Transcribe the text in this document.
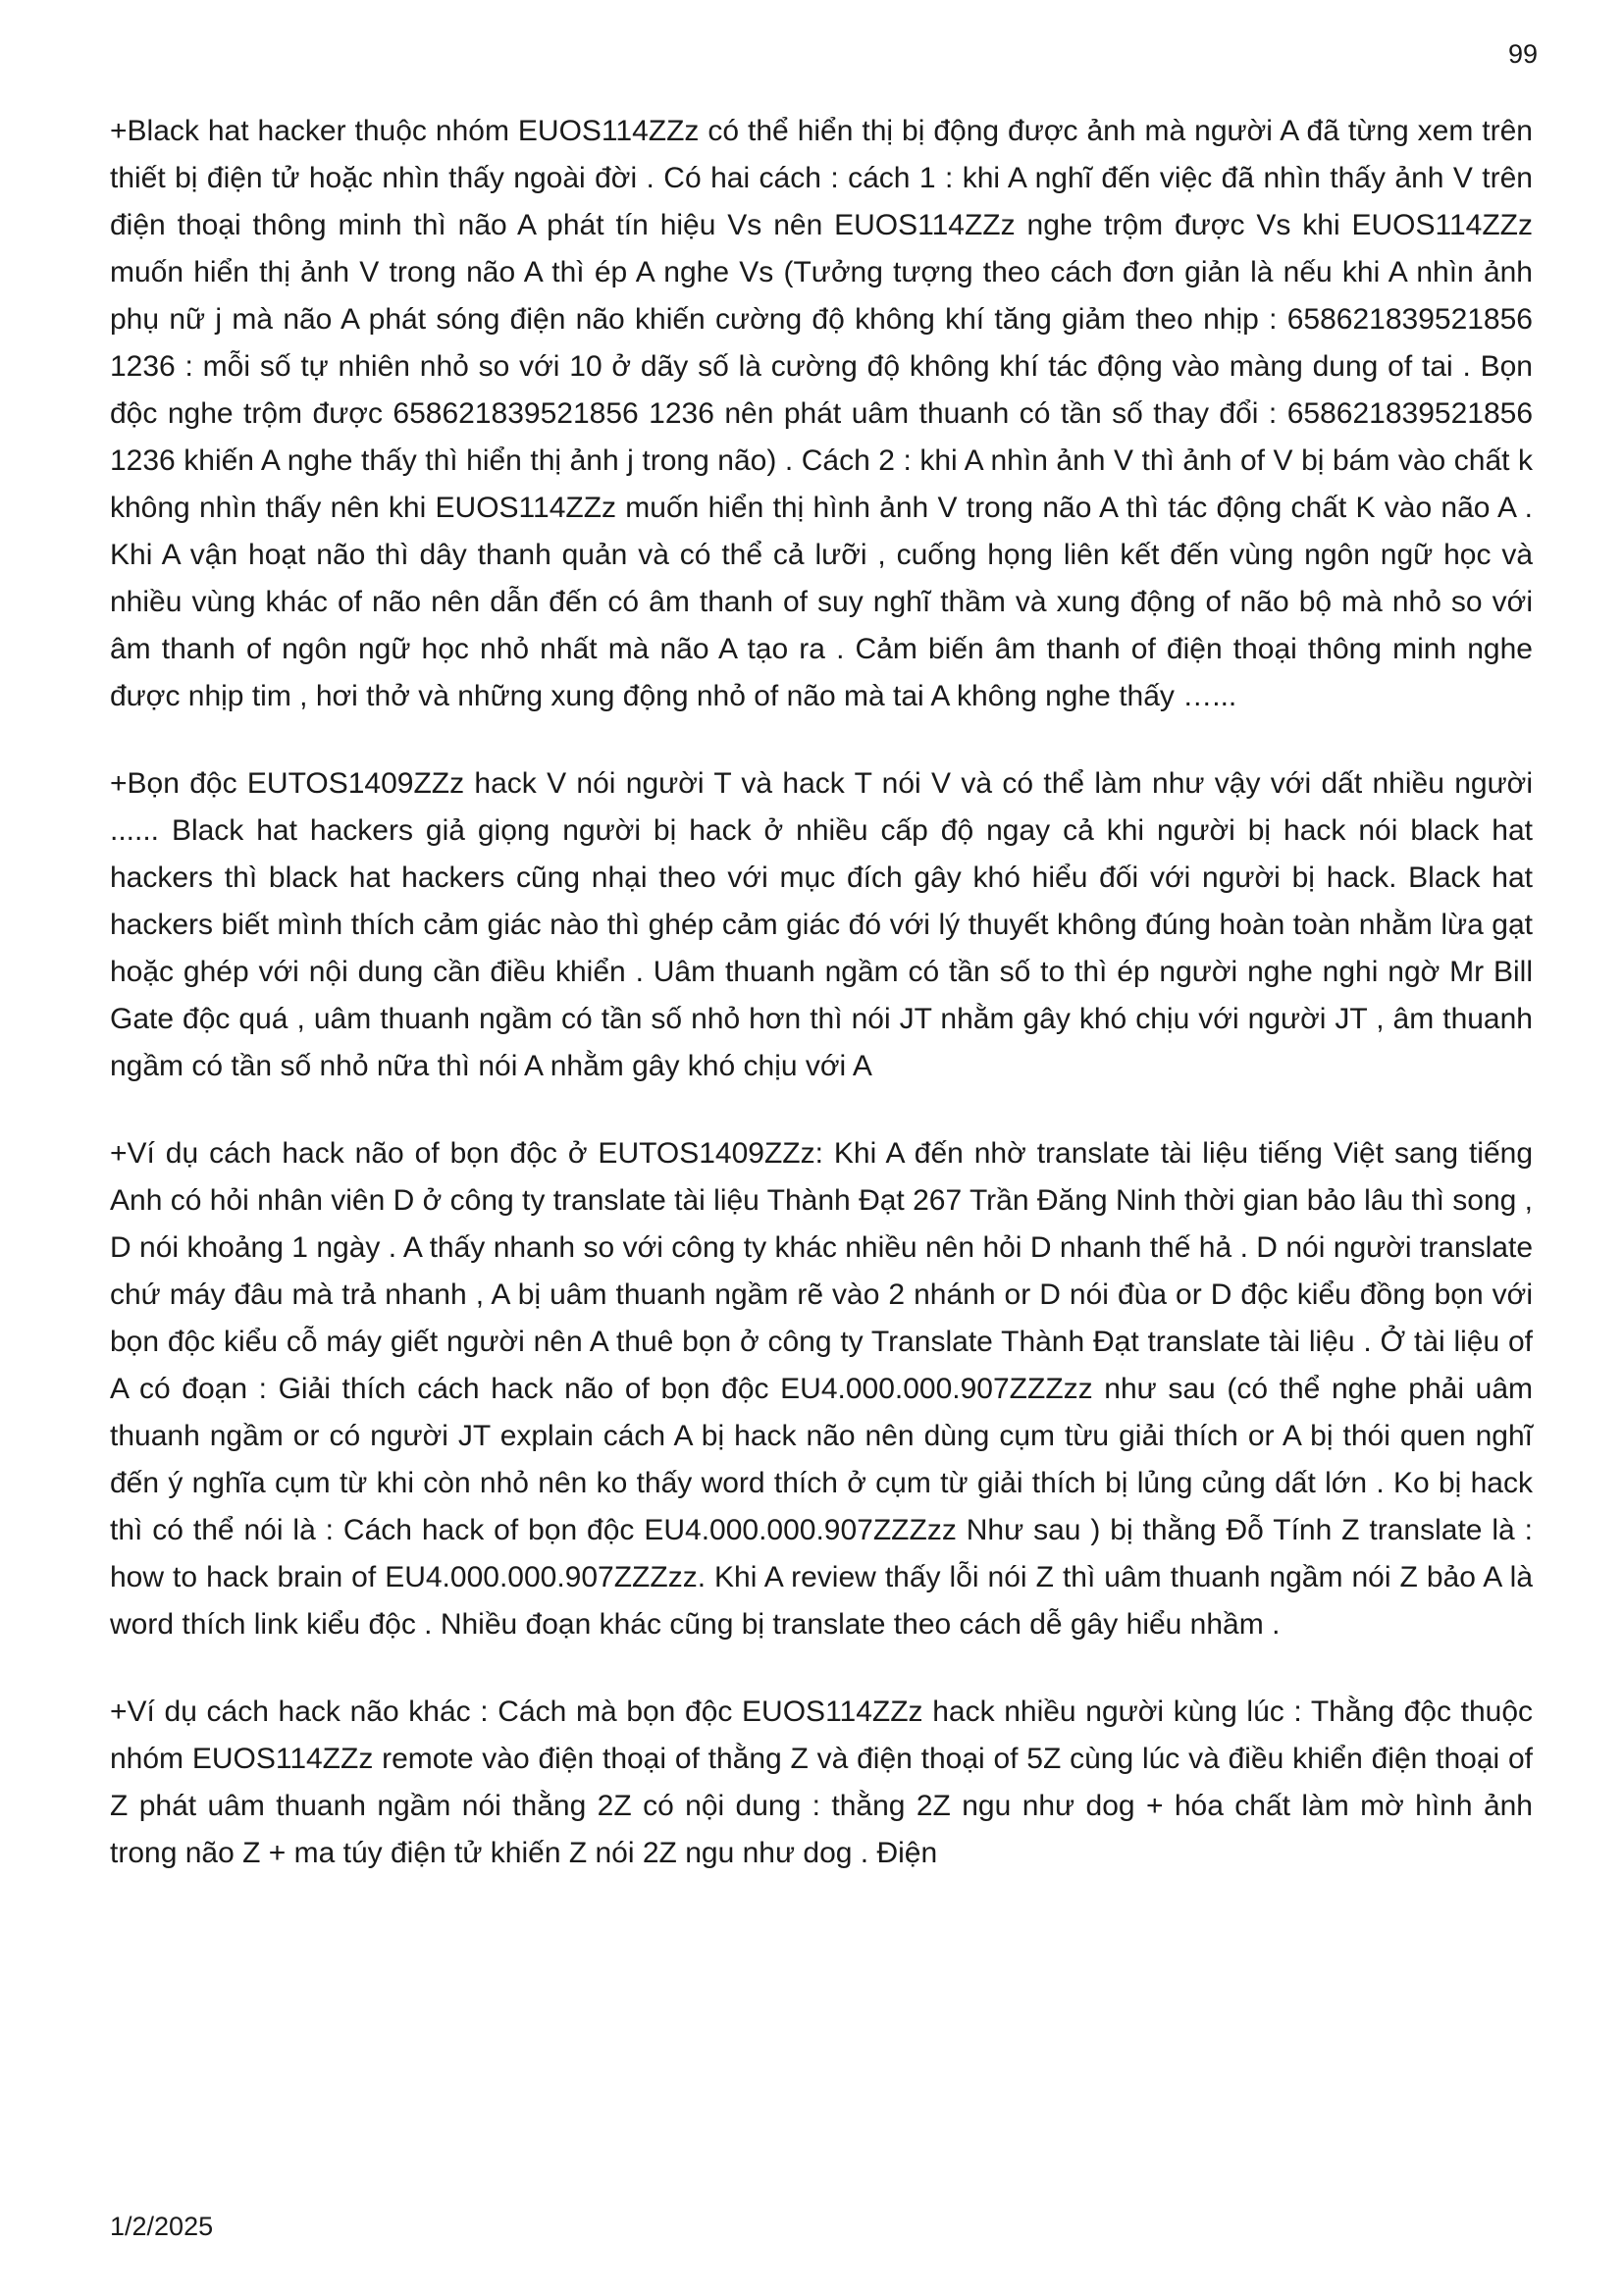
99

+Black hat hacker thuộc nhóm EUOS114ZZz có thể hiển thị bị động được ảnh mà người A đã từng xem trên thiết bị điện tử hoặc nhìn thấy ngoài đời . Có hai cách : cách 1 : khi A nghĩ đến việc đã nhìn thấy ảnh V trên điện thoại thông minh thì não A phát tín hiệu Vs nên EUOS114ZZz nghe trộm được Vs khi EUOS114ZZz muốn hiển thị ảnh V trong não A thì ép A nghe Vs (Tưởng tượng theo cách đơn giản là nếu khi A nhìn ảnh phụ nữ j mà não A phát sóng điện não khiến cường độ không khí tăng giảm theo nhịp : 658621839521856 1236 : mỗi số tự nhiên nhỏ so với 10 ở dãy số là cường độ không khí tác động vào màng dung of tai . Bọn độc nghe trộm được 658621839521856 1236 nên phát uâm thuanh có tần số thay đổi : 658621839521856 1236 khiến A nghe thấy thì hiển thị ảnh j trong não) . Cách 2 : khi A nhìn ảnh V thì ảnh of V bị bám vào chất k không nhìn thấy nên khi EUOS114ZZz muốn hiển thị hình ảnh V trong não A thì tác động chất K vào não A . Khi A vận hoạt não thì dây thanh quản và có thể cả lưỡi , cuống họng liên kết đến vùng ngôn ngữ học và nhiều vùng khác of não nên dẫn đến có âm thanh of suy nghĩ thầm và xung động of não bộ mà nhỏ so với âm thanh of ngôn ngữ học nhỏ nhất mà não A tạo ra . Cảm biến âm thanh of điện thoại thông minh nghe được nhịp tim , hơi thở và những xung động nhỏ of não mà tai A không nghe thấy …...

+Bọn độc EUTOS1409ZZz hack V nói người T và hack T nói V và có thể làm như vậy với dất nhiều người ...... Black hat hackers giả giọng người bị hack ở nhiều cấp độ ngay cả khi người bị hack nói black hat hackers thì black hat hackers cũng nhại theo với mục đích gây khó hiểu đối với người bị hack. Black hat hackers biết mình thích cảm giác nào thì ghép cảm giác đó với lý thuyết không đúng hoàn toàn nhằm lừa gạt hoặc ghép với nội dung cần điều khiển . Uâm thuanh ngầm có tần số to thì ép người nghe nghi ngờ Mr Bill Gate độc quá , uâm thuanh ngầm có tần số nhỏ hơn thì nói JT nhằm gây khó chịu với người JT , âm thuanh ngầm có tần số nhỏ nữa thì nói A nhằm gây khó chịu với A

+Ví dụ cách hack não of bọn độc ở EUTOS1409ZZz: Khi A đến nhờ translate tài liệu tiếng Việt sang tiếng Anh có hỏi nhân viên D ở công ty translate tài liệu Thành Đạt 267 Trần Đăng Ninh thời gian bảo lâu thì song , D nói khoảng 1 ngày . A thấy nhanh so với công ty khác nhiều nên hỏi D nhanh thế hả . D nói người translate chứ máy đâu mà trả nhanh , A bị uâm thuanh ngầm rẽ vào 2 nhánh or D nói đùa or D độc kiểu đồng bọn với bọn độc kiểu cỗ máy giết người nên A thuê bọn ở công ty Translate Thành Đạt translate tài liệu . Ở tài liệu of A có đoạn : Giải thích cách hack não of bọn độc EU4.000.000.907ZZZzz như sau (có thể nghe phải uâm thuanh ngầm or có người JT explain cách A bị hack não nên dùng cụm từu giải thích or A bị thói quen nghĩ đến ý nghĩa cụm từ khi còn nhỏ nên ko thấy word thích ở cụm từ giải thích bị lủng củng dất lớn . Ko bị hack thì có thể nói là : Cách hack of bọn độc EU4.000.000.907ZZZzz Như sau ) bị thằng Đỗ Tính Z translate là : how to hack brain of EU4.000.000.907ZZZzz. Khi A review thấy lỗi nói Z thì uâm thuanh ngầm nói Z bảo A là word thích link kiểu độc . Nhiều đoạn khác cũng bị translate theo cách dễ gây hiểu nhầm .

+Ví dụ cách hack não khác : Cách mà bọn độc EUOS114ZZz hack nhiều người kùng lúc : Thằng độc thuộc nhóm EUOS114ZZz remote vào điện thoại of thằng Z và điện thoại of 5Z cùng lúc và điều khiển điện thoại of Z phát uâm thuanh ngầm nói thằng 2Z có nội dung : thằng 2Z ngu như dog + hóa chất làm mờ hình ảnh trong não Z + ma túy điện tử khiến Z nói 2Z ngu như dog . Điện

1/2/2025
